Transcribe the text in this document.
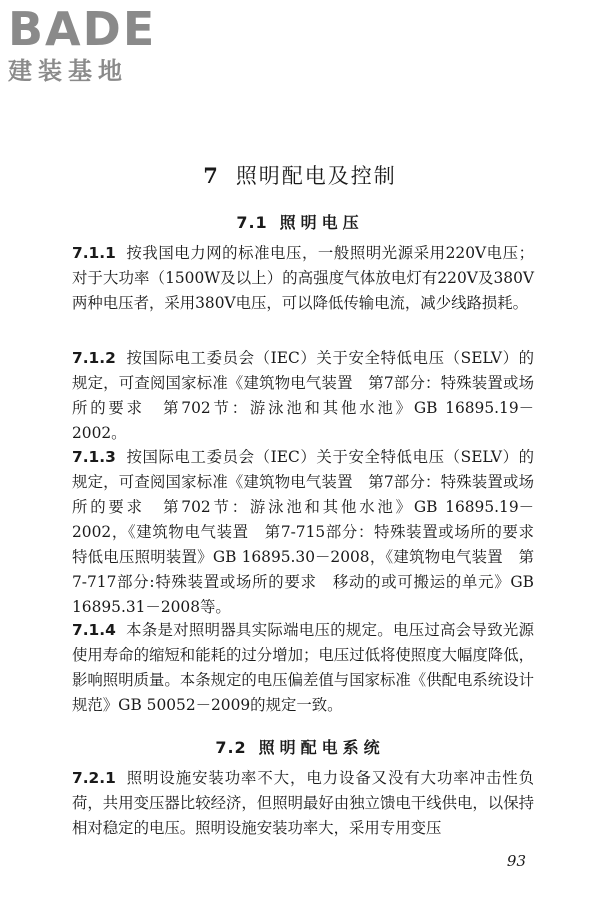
BADE
建装基地
7 照明配电及控制
7.1 照明电压

7.1.1 按我国电力网的标准电压，一般照明光源采用220V电压；对于大功率（1500W及以上）的高强度气体放电灯有220V及380V两种电压者，采用380V电压，可以降低传输电流，减少线路损耗。

7.1.2 按国际电工委员会（IEC）关于安全特低电压（SELV）的规定，可查阅国家标准《建筑物电气装置　第7部分：特殊装置或场所的要求　第702节：游泳池和其他水池》GB 16895.19－2002。

7.1.3 按国际电工委员会（IEC）关于安全特低电压（SELV）的规定，可查阅国家标准《建筑物电气装置　第7部分：特殊装置或场所的要求　第702节：游泳池和其他水池》GB 16895.19－2002，《建筑物电气装置　第7-715部分：特殊装置或场所的要求　特低电压照明装置》GB 16895.30－2008，《建筑物电气装置　第7-717部分:特殊装置或场所的要求　移动的或可搬运的单元》GB 16895.31－2008等。

7.1.4 本条是对照明器具实际端电压的规定。电压过高会导致光源使用寿命的缩短和能耗的过分增加；电压过低将使照度大幅度降低，影响照明质量。本条规定的电压偏差值与国家标准《供配电系统设计规范》GB 50052－2009的规定一致。

7.2 照明配电系统

7.2.1 照明设施安装功率不大，电力设备又没有大功率冲击性负荷，共用变压器比较经济，但照明最好由独立馈电干线供电，以保持相对稳定的电压。照明设施安装功率大，采用专用变压

93
